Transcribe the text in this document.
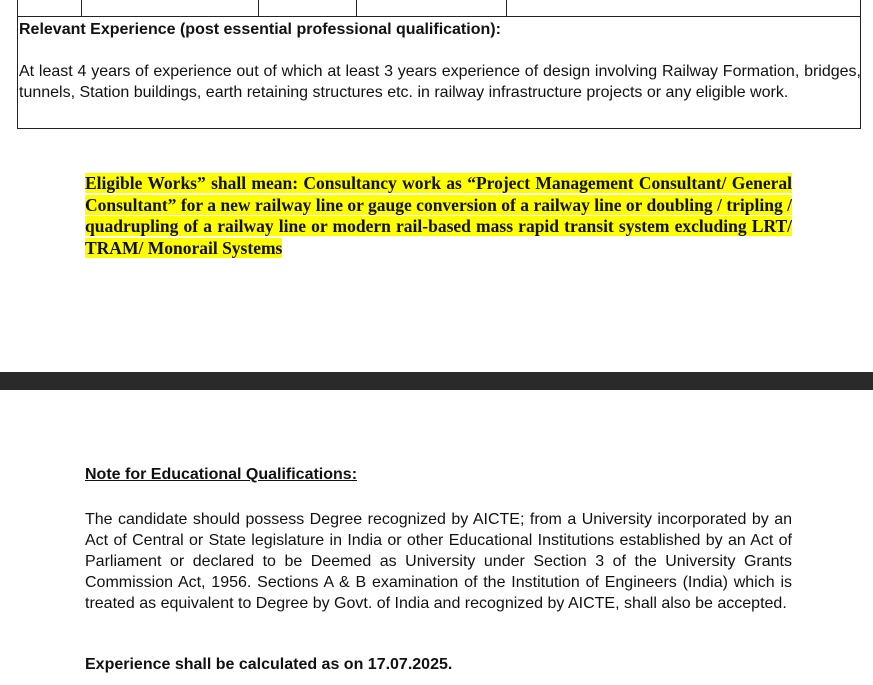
Relevant Experience (post essential professional qualification):
At least 4 years of experience out of which at least 3 years experience of design involving Railway Formation, bridges, tunnels, Station buildings, earth retaining structures etc. in railway infrastructure projects or any eligible work.
Eligible Works” shall mean: Consultancy work as “Project Management Consultant/ General Consultant” for a new railway line or gauge conversion of a railway line or doubling / tripling / quadrupling of a railway line or modern rail-based mass rapid transit system excluding LRT/ TRAM/ Monorail Systems
Note for Educational Qualifications:
The candidate should possess Degree recognized by AICTE; from a University incorporated by an Act of Central or State legislature in India or other Educational Institutions established by an Act of Parliament or declared to be Deemed as University under Section 3 of the University Grants Commission Act, 1956. Sections A & B examination of the Institution of Engineers (India) which is treated as equivalent to Degree by Govt. of India and recognized by AICTE, shall also be accepted.
Experience shall be calculated as on 17.07.2025.
